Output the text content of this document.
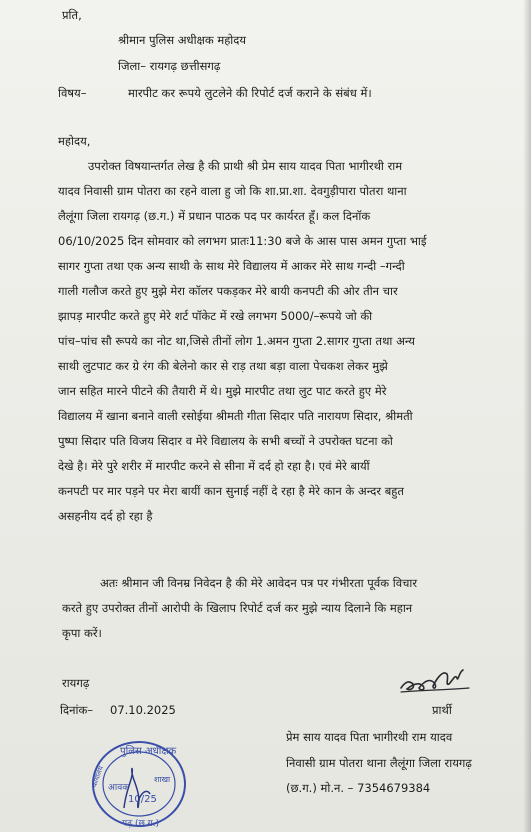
प्रति,
श्रीमान पुलिस अधीक्षक महोदय
जिला– रायगढ़ छत्तीसगढ़
विषय–	मारपीट कर रूपये लुटलेने की रिपोर्ट दर्ज कराने के संबंध में।
महोदय,
उपरोक्त विषयान्तर्गत लेख है की प्राथी श्री प्रेम साय यादव पिता भागीरथी राम
यादव निवासी ग्राम पोतरा का रहने वाला हु जो कि शा.प्रा.शा. देवगुड़ीपारा पोतरा थाना
लैलूंगा जिला रायगढ़ (छ.ग.) में प्रधान पाठक पद पर कार्यरत हूँ। कल दिनॉक
06/10/2025 दिन सोमवार को लगभग प्रातः11:30 बजे के आस पास अमन गुप्ता भाई
सागर गुप्ता तथा एक अन्य साथी के साथ मेरे विद्यालय में आकर मेरे साथ गन्दी –गन्दी
गाली गलौज करते हुए मुझे मेरा कॉलर पकड़कर मेरे बायी कनपटी की ओर तीन चार
झापड़ मारपीट करते हुए मेरे शर्ट पॉकेट में रखे लगभग 5000/–रूपये जो की
पांच–पांच सौ रूपये का नोट था,जिसे तीनों लोग 1.अमन गुप्ता 2.सागर गुप्ता तथा अन्य
साथी लुटपाट कर ग्रे रंग की बेलेनो कार से राड़ तथा बड़ा वाला पेचकश लेकर मुझे
जान सहित मारने पीटने की तैयारी में थे। मुझे मारपीट तथा लुट पाट करते हुए मेरे
विद्यालय में खाना बनाने वाली रसोईया श्रीमती गीता सिदार पति नारायण सिदार, श्रीमती
पुष्पा सिदार पति विजय सिदार व मेरे विद्यालय के सभी बच्चों ने उपरोक्त घटना को
देखे है। मेरे पुरे शरीर में मारपीट करने से सीना में दर्द हो रहा है। एवं मेरे बायीं
कनपटी पर मार पड़ने पर मेरा बायीं कान सुनाई नहीं दे रहा है मेरे कान के अन्दर बहुत
असहनीय दर्द हो रहा है
अतः श्रीमान जी विनम्र निवेदन है की मेरे आवेदन पत्र पर गंभीरता पूर्वक विचार
करते हुए उपरोक्त तीनों आरोपी के खिलाप रिपोर्ट दर्ज कर मुझे न्याय दिलाने कि महान
कृपा करें।
रायगढ़
दिनांक– 07.10.2025	प्रार्थी
प्रेम साय यादव पिता भागीरथी राम यादव
निवासी ग्राम पोतरा थाना लैलूंगा जिला रायगढ़
(छ.ग.) मो.न. – 7354679384
पुलिस अधीक्षक
कार्यालय आवक
शाखा
10/25
गढ़ (छ.ग.)
